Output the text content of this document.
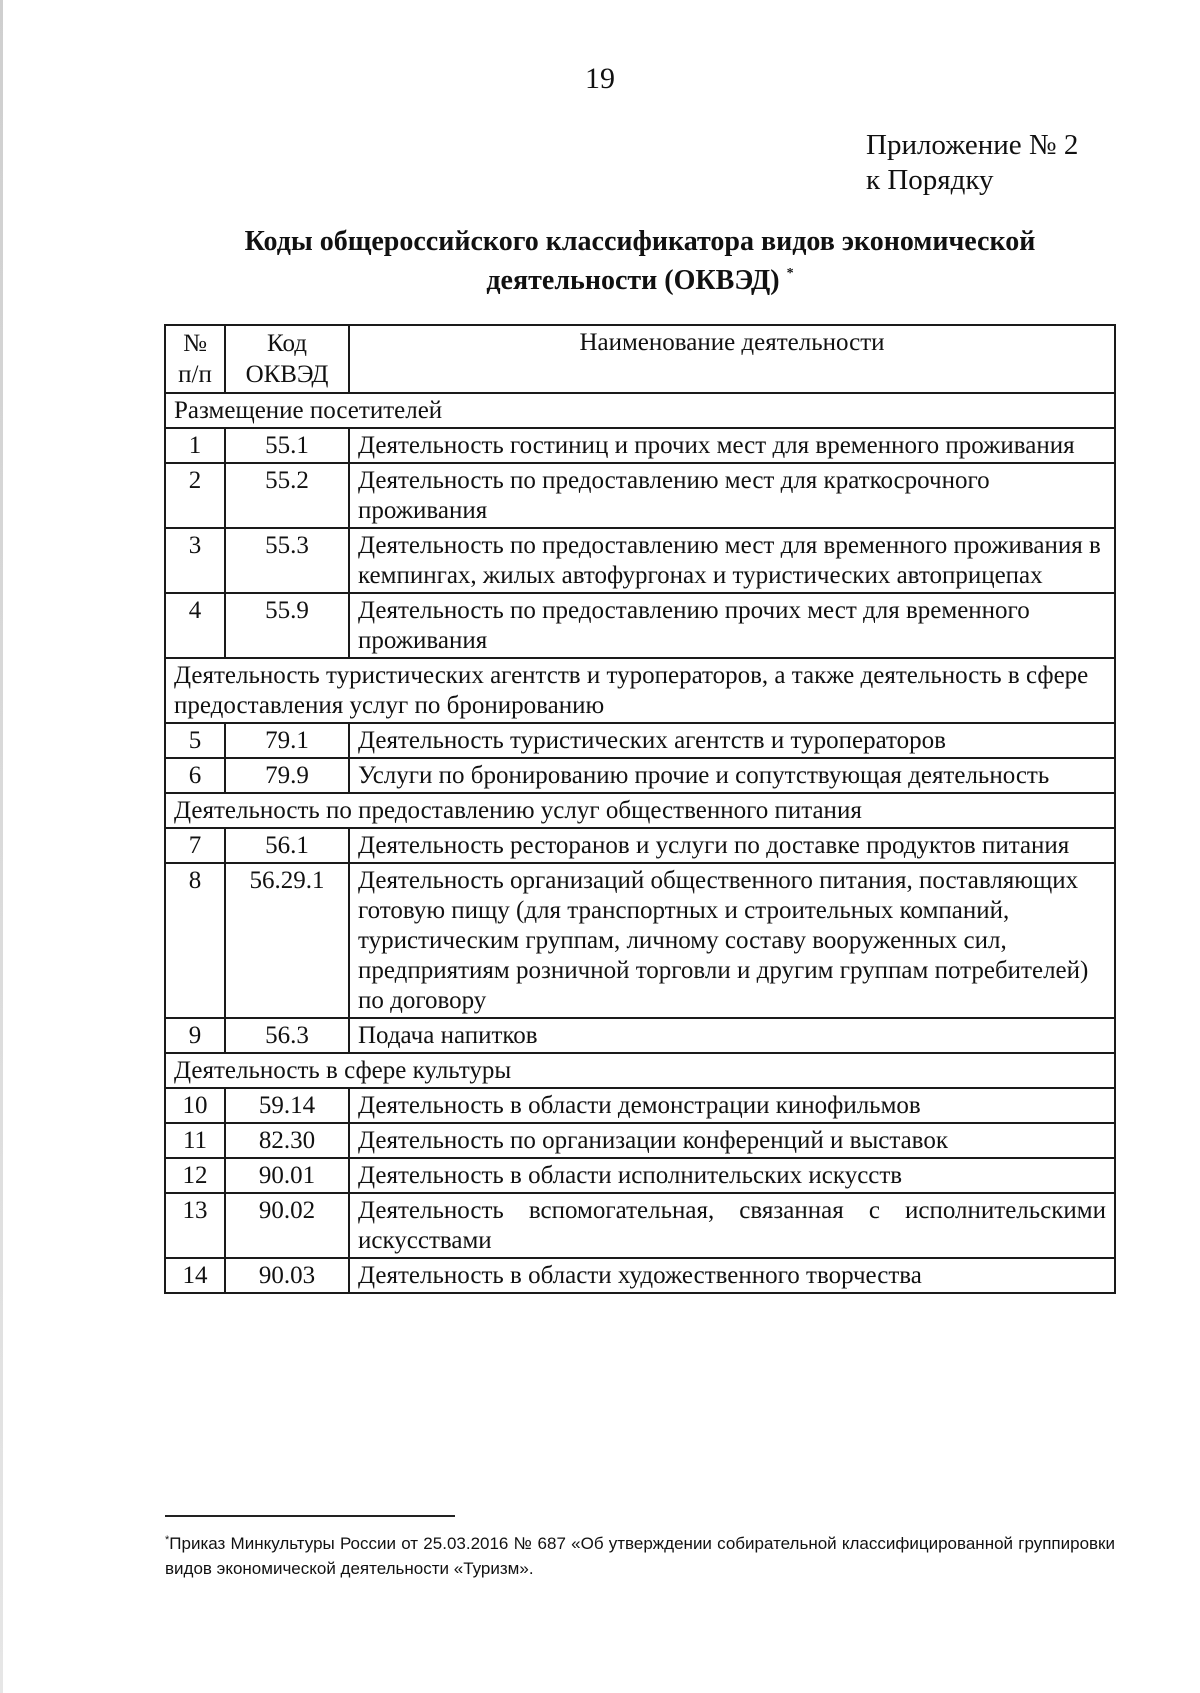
19
Приложение № 2
к Порядку
Коды общероссийского классификатора видов экономической
деятельности (ОКВЭД) *
№ п/п	Код ОКВЭД	Наименование деятельности
Размещение посетителей		
1	55.1	Деятельность гостиниц и прочих мест для временного проживания
2	55.2	Деятельность по предоставлению мест для краткосрочного проживания
3	55.3	Деятельность по предоставлению мест для временного проживания в кемпингах, жилых автофургонах и туристических автоприцепах
4	55.9	Деятельность по предоставлению прочих мест для временного проживания
Деятельность туристических агентств и туроператоров, а также деятельность в сфере предоставления услуг по бронированию		
5	79.1	Деятельность туристических агентств и туроператоров
6	79.9	Услуги по бронированию прочие и сопутствующая деятельность
Деятельность по предоставлению услуг общественного питания		
7	56.1	Деятельность ресторанов и услуги по доставке продуктов питания
8	56.29.1	Деятельность организаций общественного питания, поставляющих готовую пищу (для транспортных и строительных компаний, туристическим группам, личному составу вооруженных сил, предприятиям розничной торговли и другим группам потребителей) по договору
9	56.3	Подача напитков
Деятельность в сфере культуры		
10	59.14	Деятельность в области демонстрации кинофильмов
11	82.30	Деятельность по организации конференций и выставок
12	90.01	Деятельность в области исполнительских искусств
13	90.02	Деятельность вспомогательная, связанная с исполнительскими искусствами
14	90.03	Деятельность в области художественного творчества
*Приказ Минкультуры России от 25.03.2016 № 687 «Об утверждении собирательной классифицированной группировки видов экономической деятельности «Туризм».
